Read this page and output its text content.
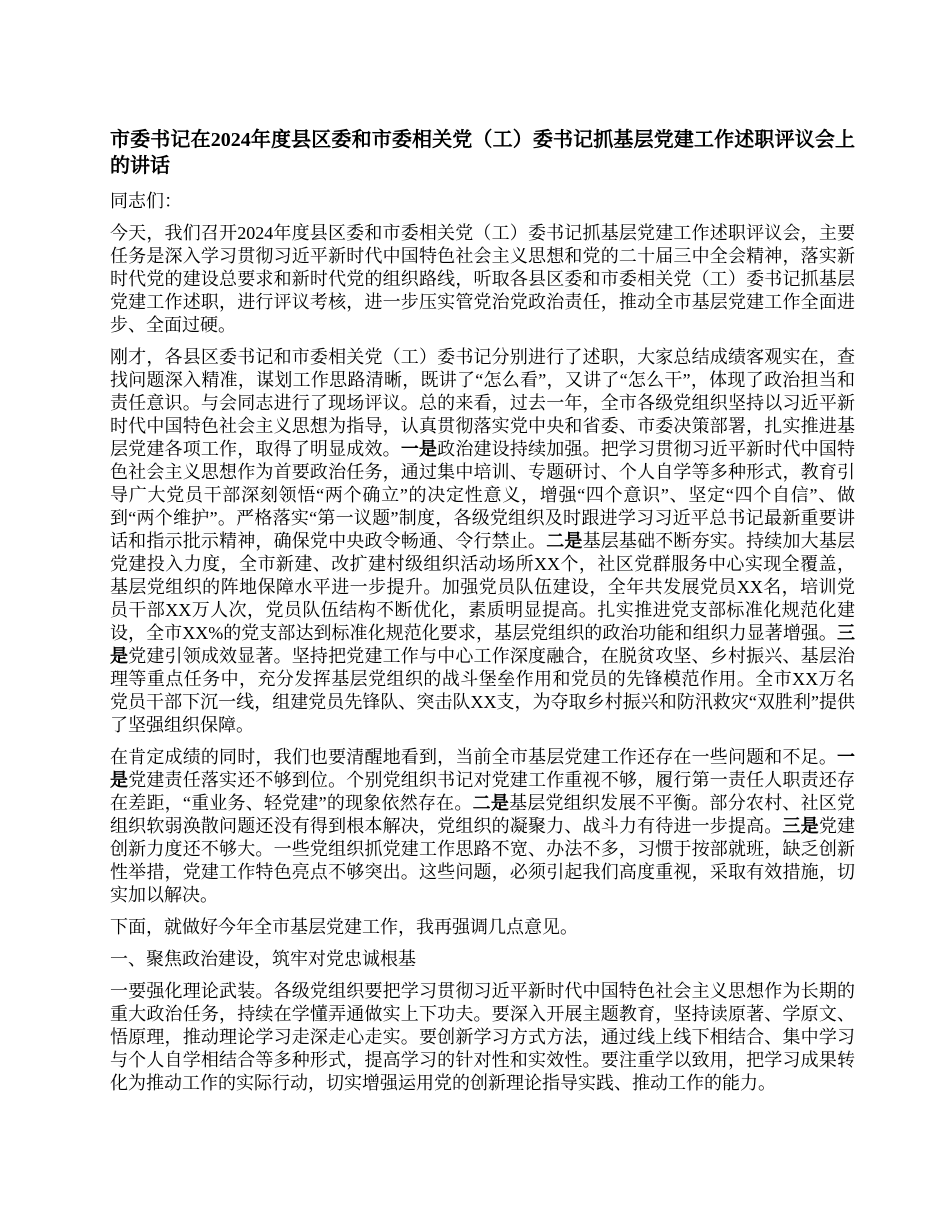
市委书记在2024年度县区委和市委相关党（工）委书记抓基层党建工作述职评议会上的讲话

同志们：

今天，我们召开2024年度县区委和市委相关党（工）委书记抓基层党建工作述职评议会，主要任务是深入学习贯彻习近平新时代中国特色社会主义思想和党的二十届三中全会精神，落实新时代党的建设总要求和新时代党的组织路线，听取各县区委和市委相关党（工）委书记抓基层党建工作述职，进行评议考核，进一步压实管党治党政治责任，推动全市基层党建工作全面进步、全面过硬。

刚才，各县区委书记和市委相关党（工）委书记分别进行了述职，大家总结成绩客观实在，查找问题深入精准，谋划工作思路清晰，既讲了“怎么看”，又讲了“怎么干”，体现了政治担当和责任意识。与会同志进行了现场评议。总的来看，过去一年，全市各级党组织坚持以习近平新时代中国特色社会主义思想为指导，认真贯彻落实党中央和省委、市委决策部署，扎实推进基层党建各项工作，取得了明显成效。一是政治建设持续加强。把学习贯彻习近平新时代中国特色社会主义思想作为首要政治任务，通过集中培训、专题研讨、个人自学等多种形式，教育引导广大党员干部深刻领悟“两个确立”的决定性意义，增强“四个意识”、坚定“四个自信”、做到“两个维护”。严格落实“第一议题”制度，各级党组织及时跟进学习习近平总书记最新重要讲话和指示批示精神，确保党中央政令畅通、令行禁止。二是基层基础不断夯实。持续加大基层党建投入力度，全市新建、改扩建村级组织活动场所XX个，社区党群服务中心实现全覆盖，基层党组织的阵地保障水平进一步提升。加强党员队伍建设，全年共发展党员XX名，培训党员干部XX万人次，党员队伍结构不断优化，素质明显提高。扎实推进党支部标准化规范化建设，全市XX%的党支部达到标准化规范化要求，基层党组织的政治功能和组织力显著增强。三是党建引领成效显著。坚持把党建工作与中心工作深度融合，在脱贫攻坚、乡村振兴、基层治理等重点任务中，充分发挥基层党组织的战斗堡垒作用和党员的先锋模范作用。全市XX万名党员干部下沉一线，组建党员先锋队、突击队XX支，为夺取乡村振兴和防汛救灾“双胜利”提供了坚强组织保障。

在肯定成绩的同时，我们也要清醒地看到，当前全市基层党建工作还存在一些问题和不足。一是党建责任落实还不够到位。个别党组织书记对党建工作重视不够，履行第一责任人职责还存在差距，“重业务、轻党建”的现象依然存在。二是基层党组织发展不平衡。部分农村、社区党组织软弱涣散问题还没有得到根本解决，党组织的凝聚力、战斗力有待进一步提高。三是党建创新力度还不够大。一些党组织抓党建工作思路不宽、办法不多，习惯于按部就班，缺乏创新性举措，党建工作特色亮点不够突出。这些问题，必须引起我们高度重视，采取有效措施，切实加以解决。

下面，就做好今年全市基层党建工作，我再强调几点意见。

一、聚焦政治建设，筑牢对党忠诚根基

一要强化理论武装。各级党组织要把学习贯彻习近平新时代中国特色社会主义思想作为长期的重大政治任务，持续在学懂弄通做实上下功夫。要深入开展主题教育，坚持读原著、学原文、悟原理，推动理论学习走深走心走实。要创新学习方式方法，通过线上线下相结合、集中学习与个人自学相结合等多种形式，提高学习的针对性和实效性。要注重学以致用，把学习成果转化为推动工作的实际行动，切实增强运用党的创新理论指导实践、推动工作的能力。
